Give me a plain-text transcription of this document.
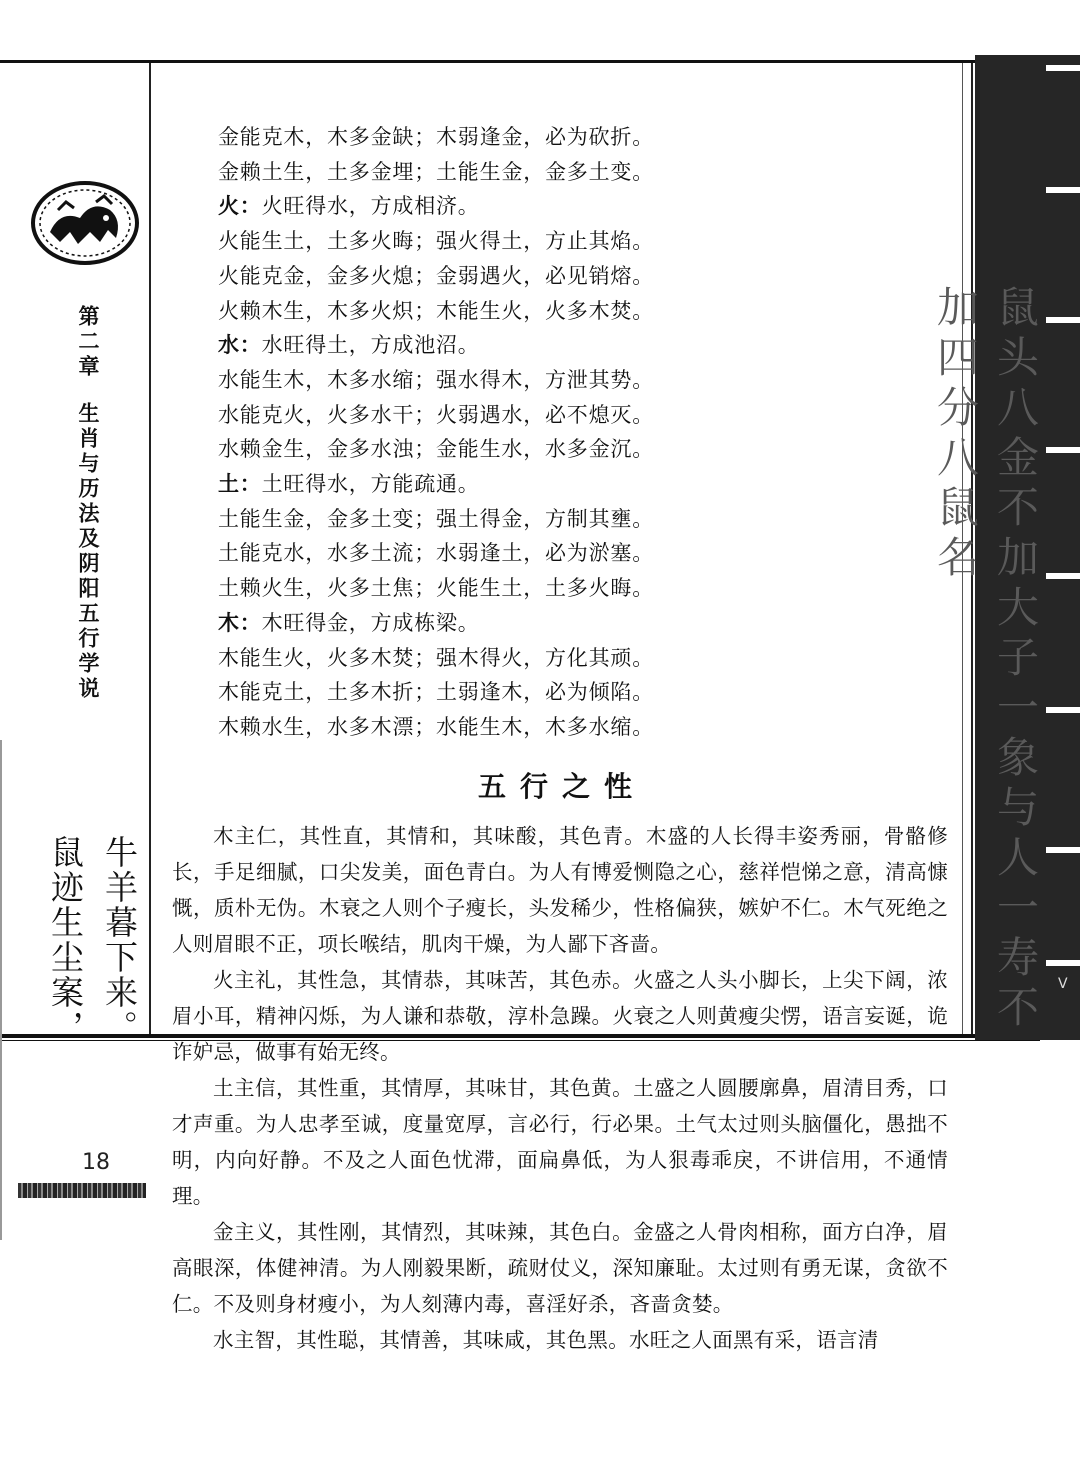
鼠头八金不加大子一象与人一寿不加四分八鼠名
V
第二章
生肖与历法及阴阳五行学说
牛羊暮下来。
鼠迹生尘案，
18
金能克木，木多金缺；木弱逢金，必为砍折。
金赖土生，土多金埋；土能生金，金多土变。
火：火旺得水，方成相济。
火能生土，土多火晦；强火得土，方止其焰。
火能克金，金多火熄；金弱遇火，必见销熔。
火赖木生，木多火炽；木能生火，火多木焚。
水：水旺得土，方成池沼。
水能生木，木多水缩；强水得木，方泄其势。
水能克火，火多水干；火弱遇水，必不熄灭。
水赖金生，金多水浊；金能生水，水多金沉。
土：土旺得水，方能疏通。
土能生金，金多土变；强土得金，方制其壅。
土能克水，水多土流；水弱逢土，必为淤塞。
土赖火生，火多土焦；火能生土，土多火晦。
木：木旺得金，方成栋梁。
木能生火，火多木焚；强木得火，方化其顽。
木能克土，土多木折；土弱逢木，必为倾陷。
木赖水生，水多木漂；水能生木，木多水缩。
五行之性

木主仁，其性直，其情和，其味酸，其色青。木盛的人长得丰姿秀丽，骨骼修长，手足细腻，口尖发美，面色青白。为人有博爱恻隐之心，慈祥恺悌之意，清高慷慨，质朴无伪。木衰之人则个子瘦长，头发稀少，性格偏狭，嫉妒不仁。木气死绝之人则眉眼不正，项长喉结，肌肉干燥，为人鄙下吝啬。

火主礼，其性急，其情恭，其味苦，其色赤。火盛之人头小脚长，上尖下阔，浓眉小耳，精神闪烁，为人谦和恭敬，淳朴急躁。火衰之人则黄瘦尖愣，语言妄诞，诡诈妒忌，做事有始无终。

土主信，其性重，其情厚，其味甘，其色黄。土盛之人圆腰廓鼻，眉清目秀，口才声重。为人忠孝至诚，度量宽厚，言必行，行必果。土气太过则头脑僵化，愚拙不明，内向好静。不及之人面色忧滞，面扁鼻低，为人狠毒乖戾，不讲信用，不通情理。

金主义，其性刚，其情烈，其味辣，其色白。金盛之人骨肉相称，面方白净，眉高眼深，体健神清。为人刚毅果断，疏财仗义，深知廉耻。太过则有勇无谋，贪欲不仁。不及则身材瘦小，为人刻薄内毒，喜淫好杀，吝啬贪婪。

水主智，其性聪，其情善，其味咸，其色黑。水旺之人面黑有采，语言清
